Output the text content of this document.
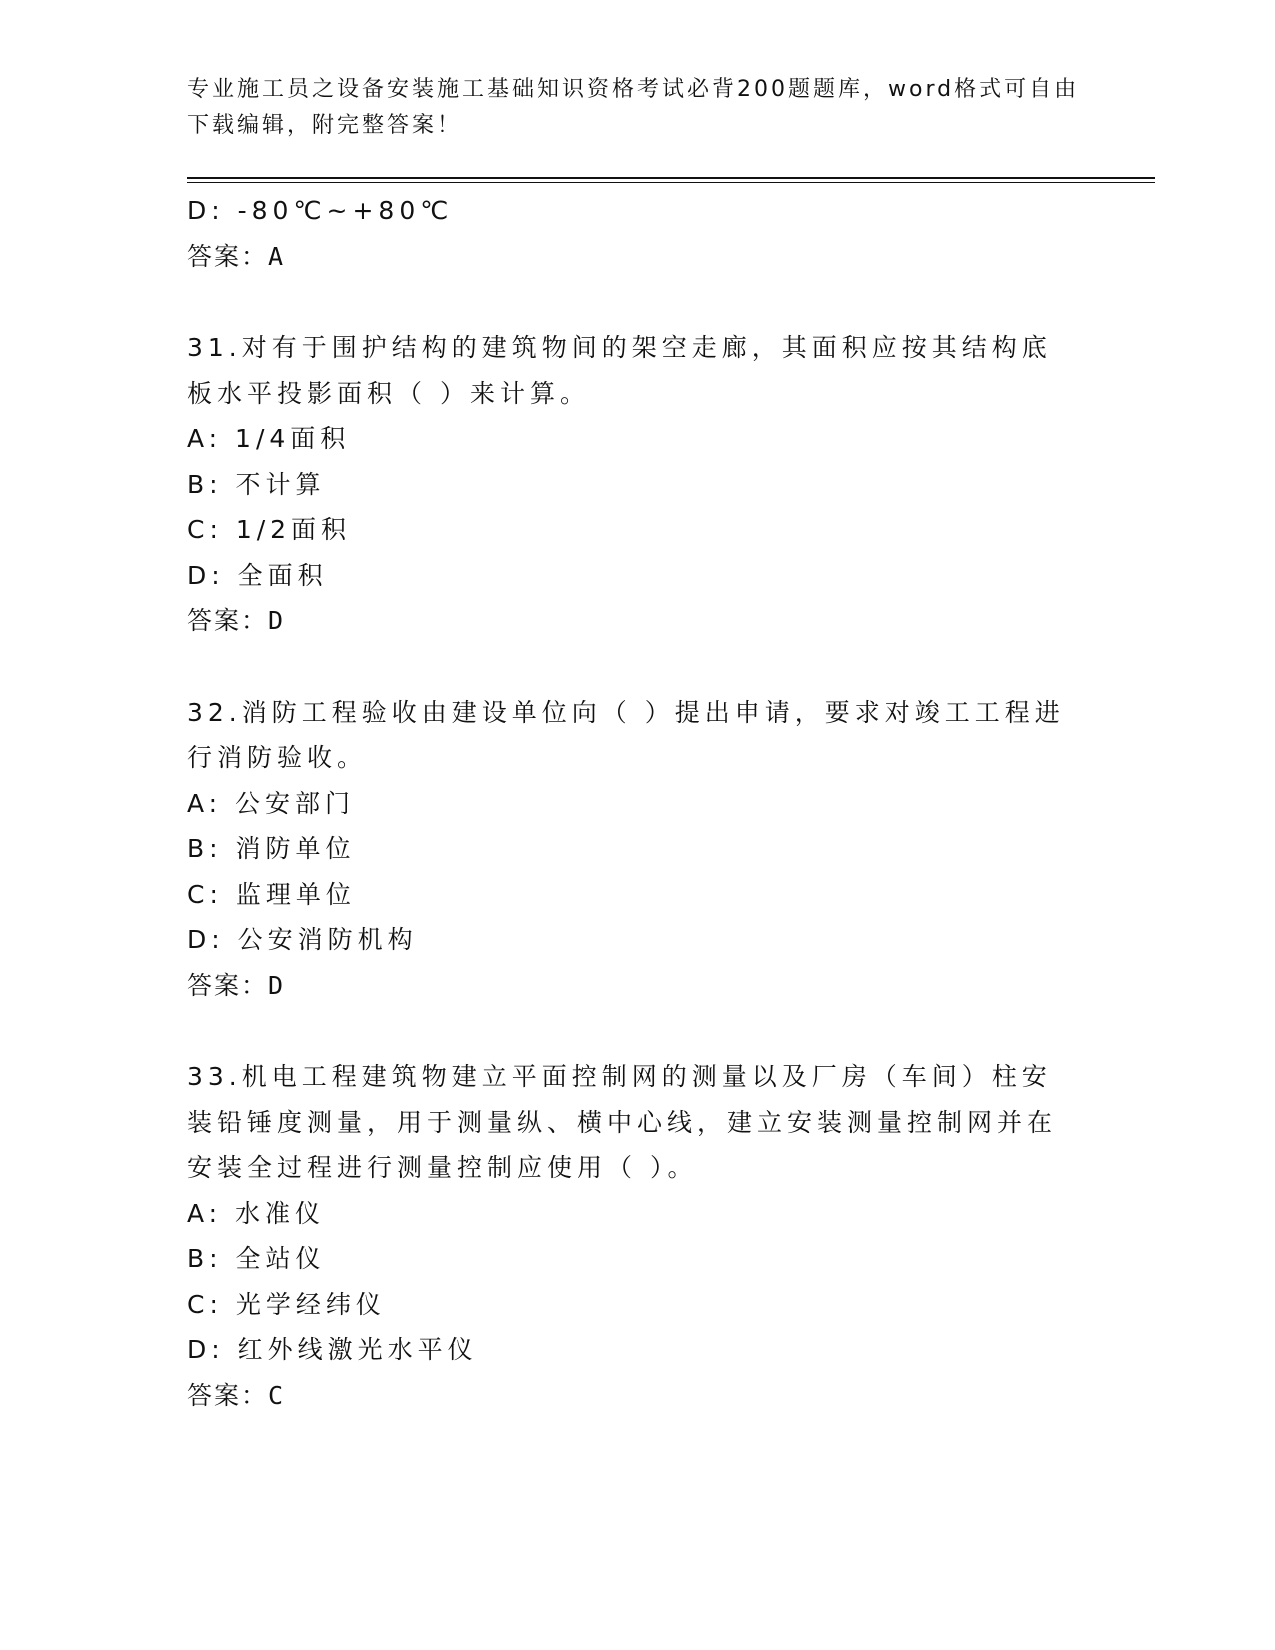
专业施工员之设备安装施工基础知识资格考试必背200题题库，word格式可自由下载编辑，附完整答案！

D: -80℃~+80℃

答案：A

31.对有于围护结构的建筑物间的架空走廊，其面积应按其结构底板水平投影面积（ ）来计算。

A: 1/4面积

B: 不计算

C: 1/2面积

D: 全面积

答案：D

32.消防工程验收由建设单位向（ ）提出申请，要求对竣工工程进行消防验收。

A: 公安部门

B: 消防单位

C: 监理单位

D: 公安消防机构

答案：D

33.机电工程建筑物建立平面控制网的测量以及厂房（车间）柱安装铅锤度测量，用于测量纵、横中心线，建立安装测量控制网并在安装全过程进行测量控制应使用（ ）。

A: 水准仪

B: 全站仪

C: 光学经纬仪

D: 红外线激光水平仪

答案：C
